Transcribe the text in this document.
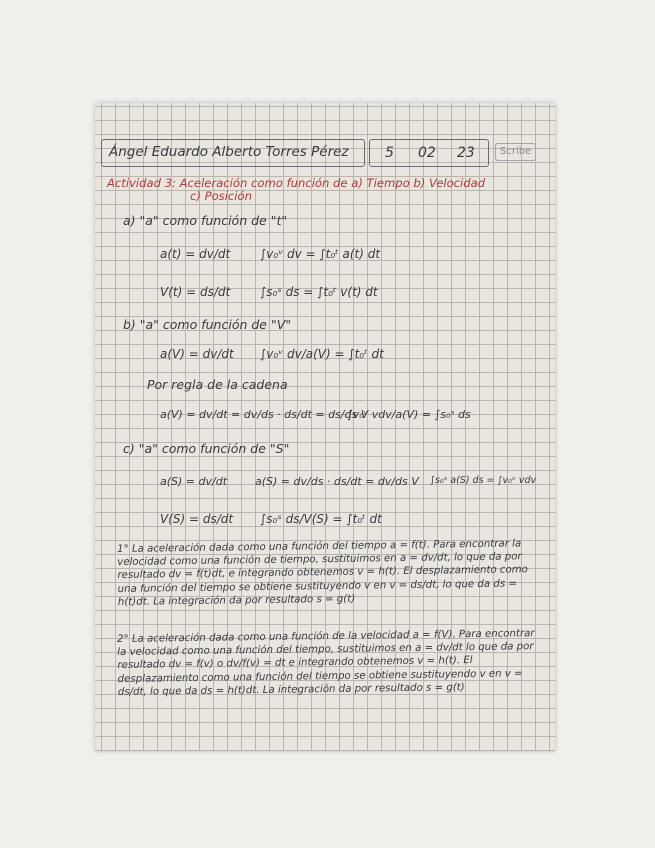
Ángel Eduardo Alberto Torres Pérez	5 02 23	Scribe
Actividad 3: Aceleración como función de a) Tiempo b) Velocidad
c) Posición
a) "a" como función de "t"
a(t) = dv/dt ∫v₀ᵛ dv = ∫t₀ᵗ a(t) dt
V(t) = ds/dt ∫s₀ˢ ds = ∫t₀ᵗ v(t) dt
b) "a" como función de "V"
a(V) = dv/dt ∫v₀ᵛ dv/a(V) = ∫t₀ᵗ dt
Por regla de la cadena
a(V) = dv/dt = dv/ds · ds/dt = ds/ds V
∫v₀ᵛ vdv/a(V) = ∫s₀ˢ ds
c) "a" como función de "S"
a(S) = dv/dt	a(S) = dv/ds · ds/dt = dv/ds V ∫s₀ˢ a(S) ds = ∫v₀ᵛ vdv
V(S) = ds/dt ∫s₀ˢ ds/V(S) = ∫t₀ᵗ dt
1° La aceleración dada como una función del tiempo a = f(t). Para encontrar la velocidad como una función de tiempo, sustituimos en a = dv/dt, lo que da por resultado dv = f(t)dt, e integrando obtenemos v = h(t). El desplazamiento como una función del tiempo se obtiene sustituyendo v en v = ds/dt, lo que da ds = h(t)dt. La integración da por resultado s = g(t)
2° La aceleración dada como una función de la velocidad a = f(V). Para encontrar la velocidad como una función del tiempo, sustituimos en a = dv/dt lo que da por resultado dv = f(v) o dv/f(v) = dt e integrando obtenemos v = h(t). El desplazamiento como una función del tiempo se obtiene sustituyendo v en v = ds/dt, lo que da ds = h(t)dt. La integración da por resultado s = g(t)
